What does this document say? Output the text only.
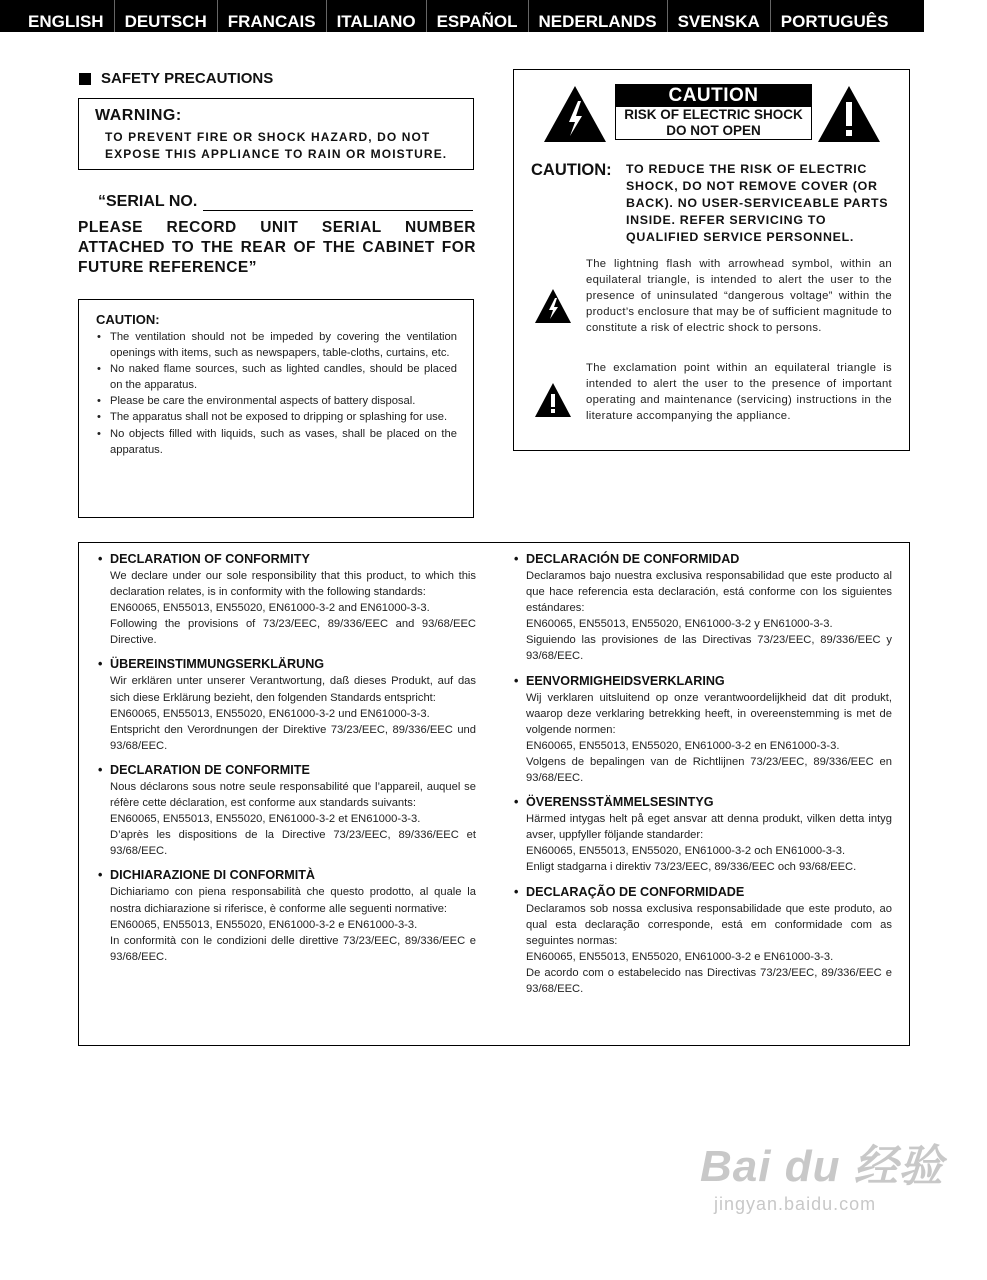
ENGLISH	DEUTSCH	FRANCAIS	ITALIANO	ESPAÑOL	NEDERLANDS	SVENSKA	PORTUGUÊS
SAFETY PRECAUTIONS
WARNING:
TO PREVENT FIRE OR SHOCK HAZARD, DO NOT EXPOSE THIS APPLIANCE TO RAIN OR MOISTURE.
“SERIAL NO.
PLEASE RECORD UNIT SERIAL NUMBER ATTACHED TO THE REAR OF THE CABINET FOR FUTURE REFERENCE”
CAUTION:
• The ventilation should not be impeded by covering the ventilation openings with items, such as newspapers, table-cloths, curtains, etc.
• No naked flame sources, such as lighted candles, should be placed on the apparatus.
• Please be care the environmental aspects of battery disposal.
• The apparatus shall not be exposed to dripping or splashing for use.
• No objects filled with liquids, such as vases, shall be placed on the apparatus.
CAUTION
RISK OF ELECTRIC SHOCK
DO NOT OPEN
CAUTION:	TO REDUCE THE RISK OF ELECTRIC SHOCK, DO NOT REMOVE COVER (OR BACK). NO USER-SERVICEABLE PARTS INSIDE. REFER SERVICING TO QUALIFIED SERVICE PERSONNEL.
The lightning flash with arrowhead symbol, within an equilateral triangle, is intended to alert the user to the presence of uninsulated “dangerous voltage” within the product’s enclosure that may be of sufficient magnitude to constitute a risk of electric shock to persons.
The exclamation point within an equilateral triangle is intended to alert the user to the presence of important operating and maintenance (servicing) instructions in the literature accompanying the appliance.
• DECLARATION OF CONFORMITY
We declare under our sole responsibility that this product, to which this declaration relates, is in conformity with the following standards:
EN60065, EN55013, EN55020, EN61000-3-2 and EN61000-3-3.
Following the provisions of 73/23/EEC, 89/336/EEC and 93/68/EEC Directive.
• ÜBEREINSTIMMUNGSERKLÄRUNG
Wir erklären unter unserer Verantwortung, daß dieses Produkt, auf das sich diese Erklärung bezieht, den folgenden Standards entspricht:
EN60065, EN55013, EN55020, EN61000-3-2 und EN61000-3-3.
Entspricht den Verordnungen der Direktive 73/23/EEC, 89/336/EEC und 93/68/EEC.
• DECLARATION DE CONFORMITE
Nous déclarons sous notre seule responsabilité que l’appareil, auquel se réfère cette déclaration, est conforme aux standards suivants:
EN60065, EN55013, EN55020, EN61000-3-2 et EN61000-3-3.
D’après les dispositions de la Directive 73/23/EEC, 89/336/EEC et 93/68/EEC.
• DICHIARAZIONE DI CONFORMITÀ
Dichiariamo con piena responsabilità che questo prodotto, al quale la nostra dichiarazione si riferisce, è conforme alle seguenti normative:
EN60065, EN55013, EN55020, EN61000-3-2 e EN61000-3-3.
In conformità con le condizioni delle direttive 73/23/EEC, 89/336/EEC e 93/68/EEC.
• DECLARACIÓN DE CONFORMIDAD
Declaramos bajo nuestra exclusiva responsabilidad que este producto al que hace referencia esta declaración, está conforme con los siguientes estándares:
EN60065, EN55013, EN55020, EN61000-3-2 y EN61000-3-3.
Siguiendo las provisiones de las Directivas 73/23/EEC, 89/336/EEC y 93/68/EEC.
• EENVORMIGHEIDSVERKLARING
Wij verklaren uitsluitend op onze verantwoordelijkheid dat dit produkt, waarop deze verklaring betrekking heeft, in overeenstemming is met de volgende normen:
EN60065, EN55013, EN55020, EN61000-3-2 en EN61000-3-3.
Volgens de bepalingen van de Richtlijnen 73/23/EEC, 89/336/EEC en 93/68/EEC.
• ÖVERENSSTÄMMELSESINTYG
Härmed intygas helt på eget ansvar att denna produkt, vilken detta intyg avser, uppfyller följande standarder:
EN60065, EN55013, EN55020, EN61000-3-2 och EN61000-3-3.
Enligt stadgarna i direktiv 73/23/EEC, 89/336/EEC och 93/68/EEC.
• DECLARAÇÃO DE CONFORMIDADE
Declaramos sob nossa exclusiva responsabilidade que este produto, ao qual esta declaração corresponde, está em conformidade com as seguintes normas:
EN60065, EN55013, EN55020, EN61000-3-2 e EN61000-3-3.
De acordo com o estabelecido nas Directivas 73/23/EEC, 89/336/EEC e 93/68/EEC.
Bai du 经验
jingyan.baidu.com
